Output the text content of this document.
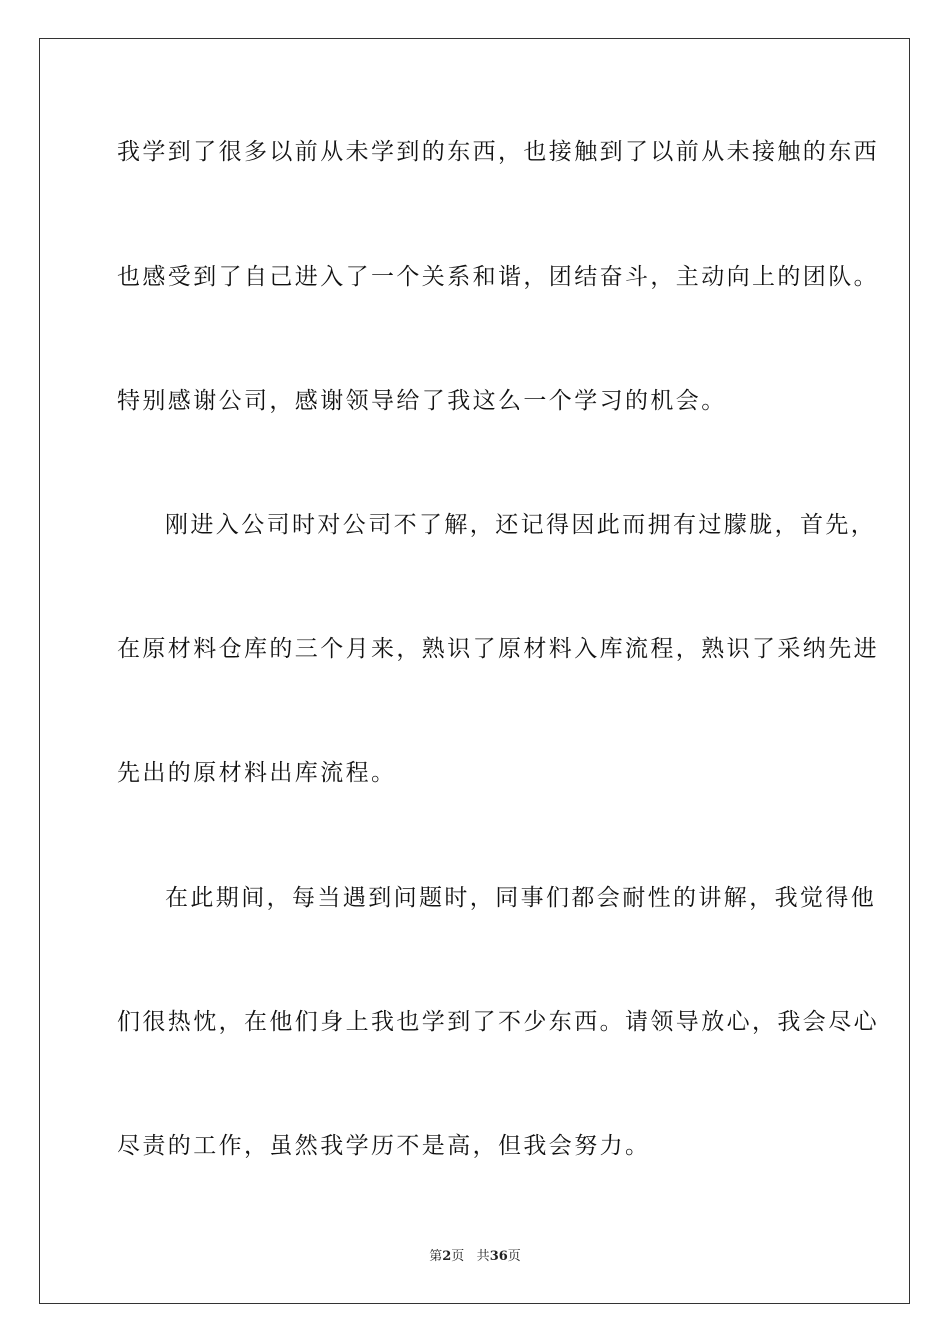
我学到了很多以前从未学到的东西，也接触到了以前从未接触的东西
也感受到了自己进入了一个关系和谐，团结奋斗，主动向上的团队。
特别感谢公司，感谢领导给了我这么一个学习的机会。
刚进入公司时对公司不了解，还记得因此而拥有过朦胧，首先，
在原材料仓库的三个月来，熟识了原材料入库流程，熟识了采纳先进
先出的原材料出库流程。
在此期间，每当遇到问题时，同事们都会耐性的讲解，我觉得他
们很热忱，在他们身上我也学到了不少东西。请领导放心，我会尽心
尽责的工作，虽然我学历不是高，但我会努力。
第2页 共36页
